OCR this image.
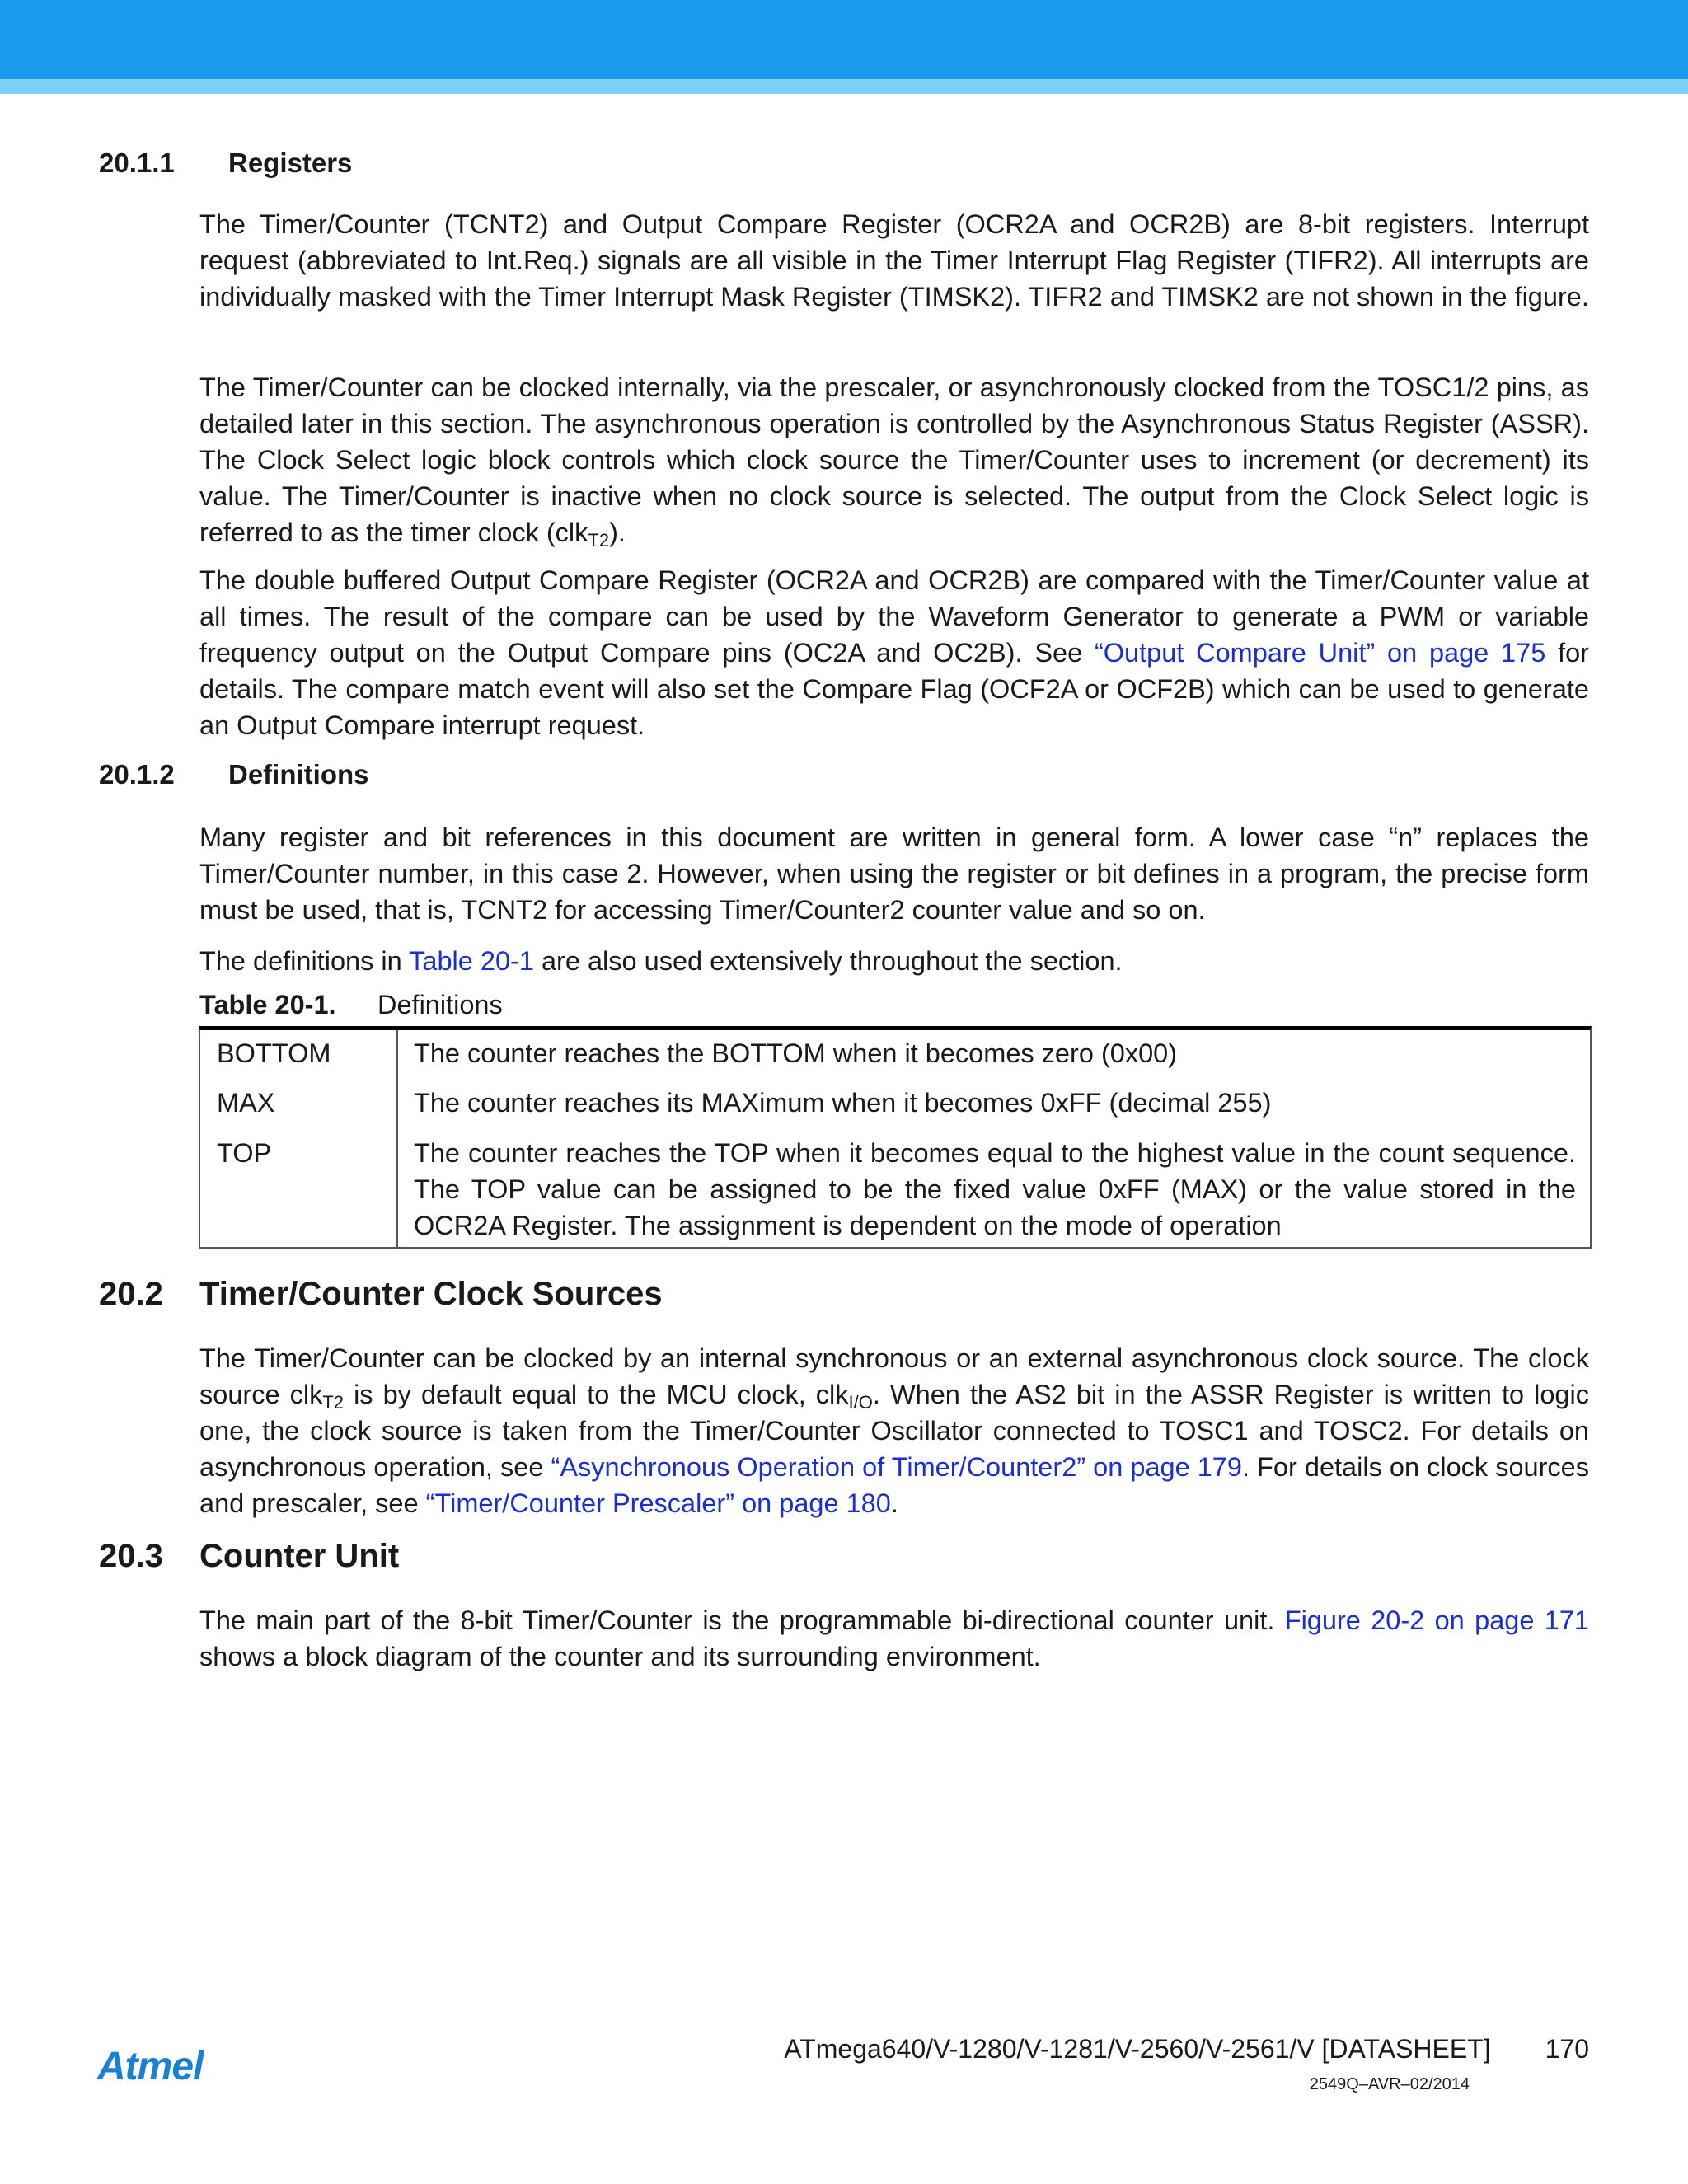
20.1.1 Registers

The Timer/Counter (TCNT2) and Output Compare Register (OCR2A and OCR2B) are 8-bit registers. Interrupt request (abbreviated to Int.Req.) signals are all visible in the Timer Interrupt Flag Register (TIFR2). All interrupts are individually masked with the Timer Interrupt Mask Register (TIMSK2). TIFR2 and TIMSK2 are not shown in the figure.

The Timer/Counter can be clocked internally, via the prescaler, or asynchronously clocked from the TOSC1/2 pins, as detailed later in this section. The asynchronous operation is controlled by the Asynchronous Status Register (ASSR). The Clock Select logic block controls which clock source the Timer/Counter uses to increment (or decrement) its value. The Timer/Counter is inactive when no clock source is selected. The output from the Clock Select logic is referred to as the timer clock (clk$_{T2}$).

The double buffered Output Compare Register (OCR2A and OCR2B) are compared with the Timer/Counter value at all times. The result of the compare can be used by the Waveform Generator to generate a PWM or variable frequency output on the Output Compare pins (OC2A and OC2B). See “Output Compare Unit” on page 175 for details. The compare match event will also set the Compare Flag (OCF2A or OCF2B) which can be used to generate an Output Compare interrupt request.

20.1.2 Definitions

Many register and bit references in this document are written in general form. A lower case “n” replaces the Timer/Counter number, in this case 2. However, when using the register or bit defines in a program, the precise form must be used, that is, TCNT2 for accessing Timer/Counter2 counter value and so on.

The definitions in Table 20-1 are also used extensively throughout the section.

Table 20-1. Definitions
BOTTOM	The counter reaches the BOTTOM when it becomes zero (0x00)
MAX	The counter reaches its MAXimum when it becomes 0xFF (decimal 255)
TOP	The counter reaches the TOP when it becomes equal to the highest value in the count sequence. The TOP value can be assigned to be the fixed value 0xFF (MAX) or the value stored in the OCR2A Register. The assignment is dependent on the mode of operation
20.2 Timer/Counter Clock Sources

The Timer/Counter can be clocked by an internal synchronous or an external asynchronous clock source. The clock source clk$_{T2}$ is by default equal to the MCU clock, clk$_{I/O}$. When the AS2 bit in the ASSR Register is written to logic one, the clock source is taken from the Timer/Counter Oscillator connected to TOSC1 and TOSC2. For details on asynchronous operation, see “Asynchronous Operation of Timer/Counter2” on page 179. For details on clock sources and prescaler, see “Timer/Counter Prescaler” on page 180.

20.3 Counter Unit

The main part of the 8-bit Timer/Counter is the programmable bi-directional counter unit. Figure 20-2 on page 171 shows a block diagram of the counter and its surrounding environment.

Atmel	ATmega640/V-1280/V-1281/V-2560/V-2561/V [DATASHEET] 170
2549Q–AVR–02/2014
